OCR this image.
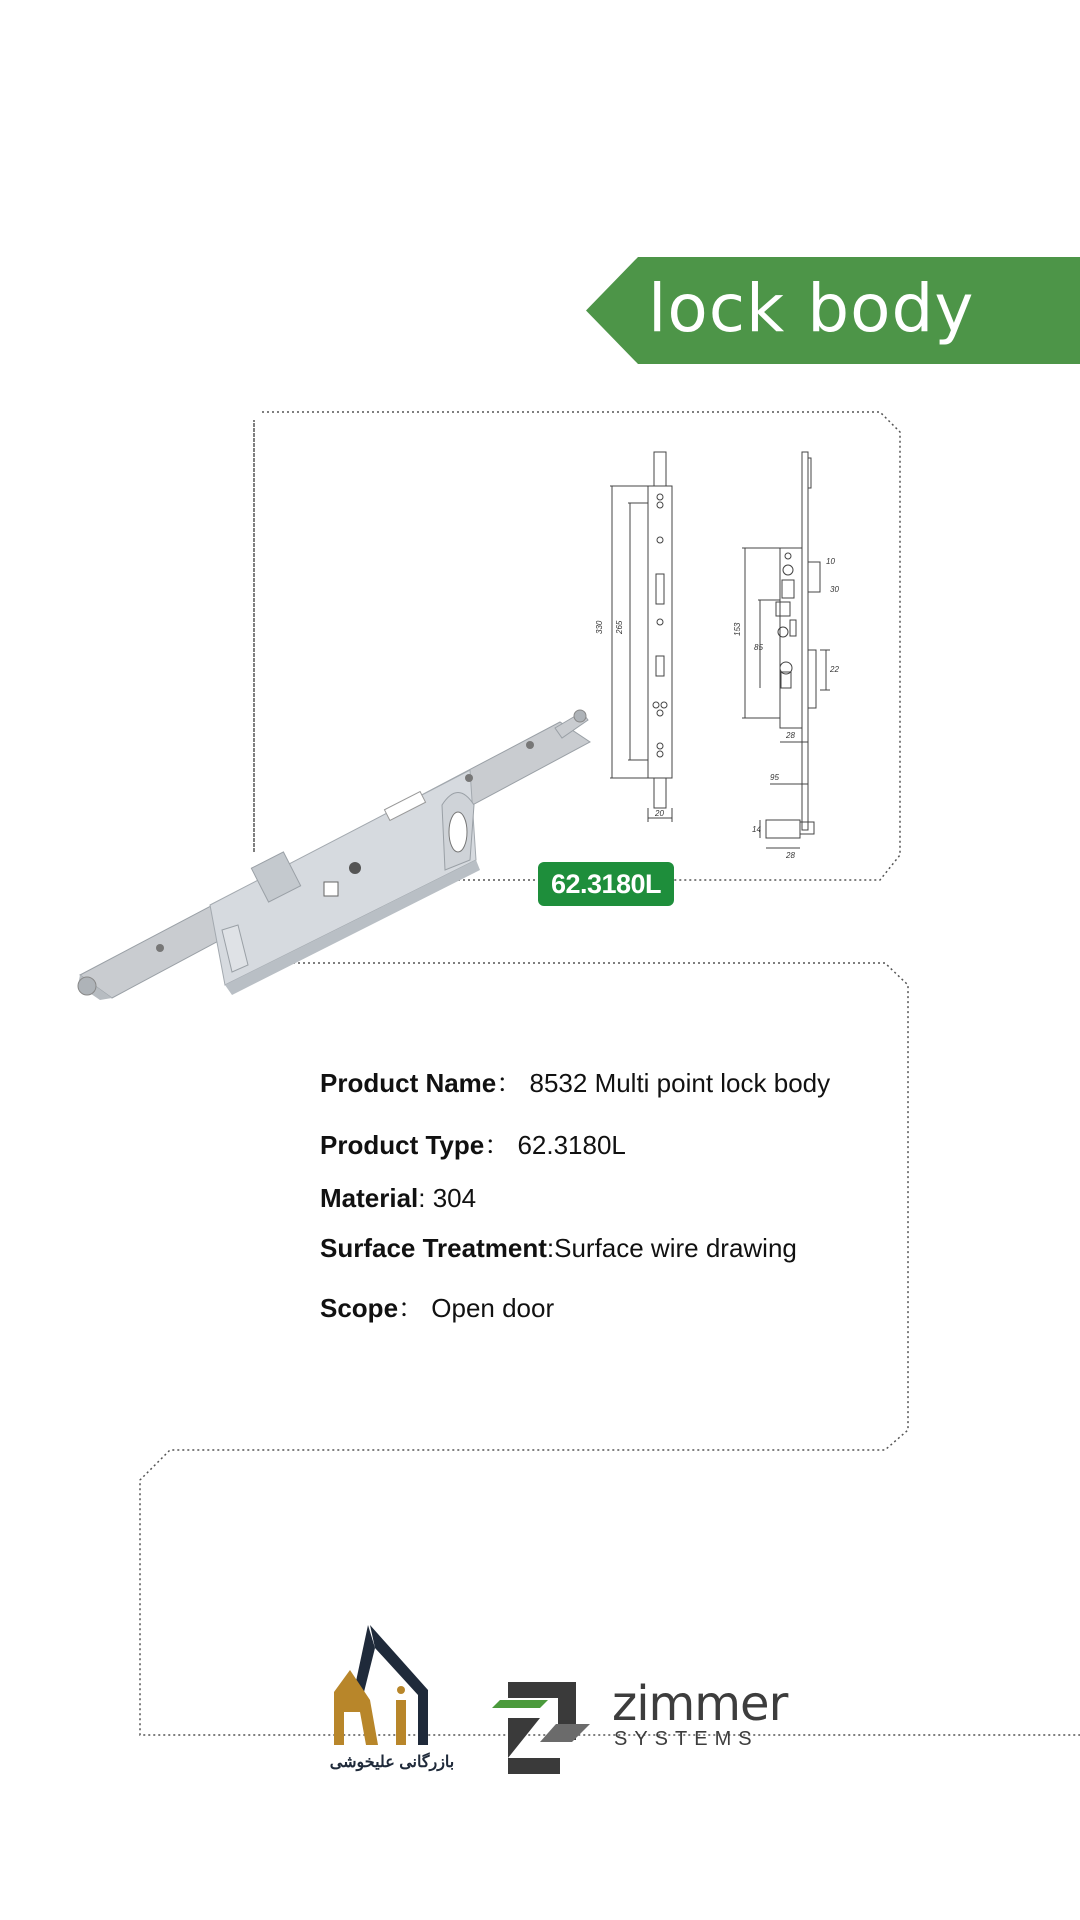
lock body
330 265
20
10
30
153
85
22
28
95
14
28
62.3180L
Product Name： 8532 Multi point lock body
Product Type： 62.3180L
Material: 304
Surface Treatment:Surface wire drawing
Scope： Open door
بازرگانی علیخوشی
zimmer
SYSTEMS
